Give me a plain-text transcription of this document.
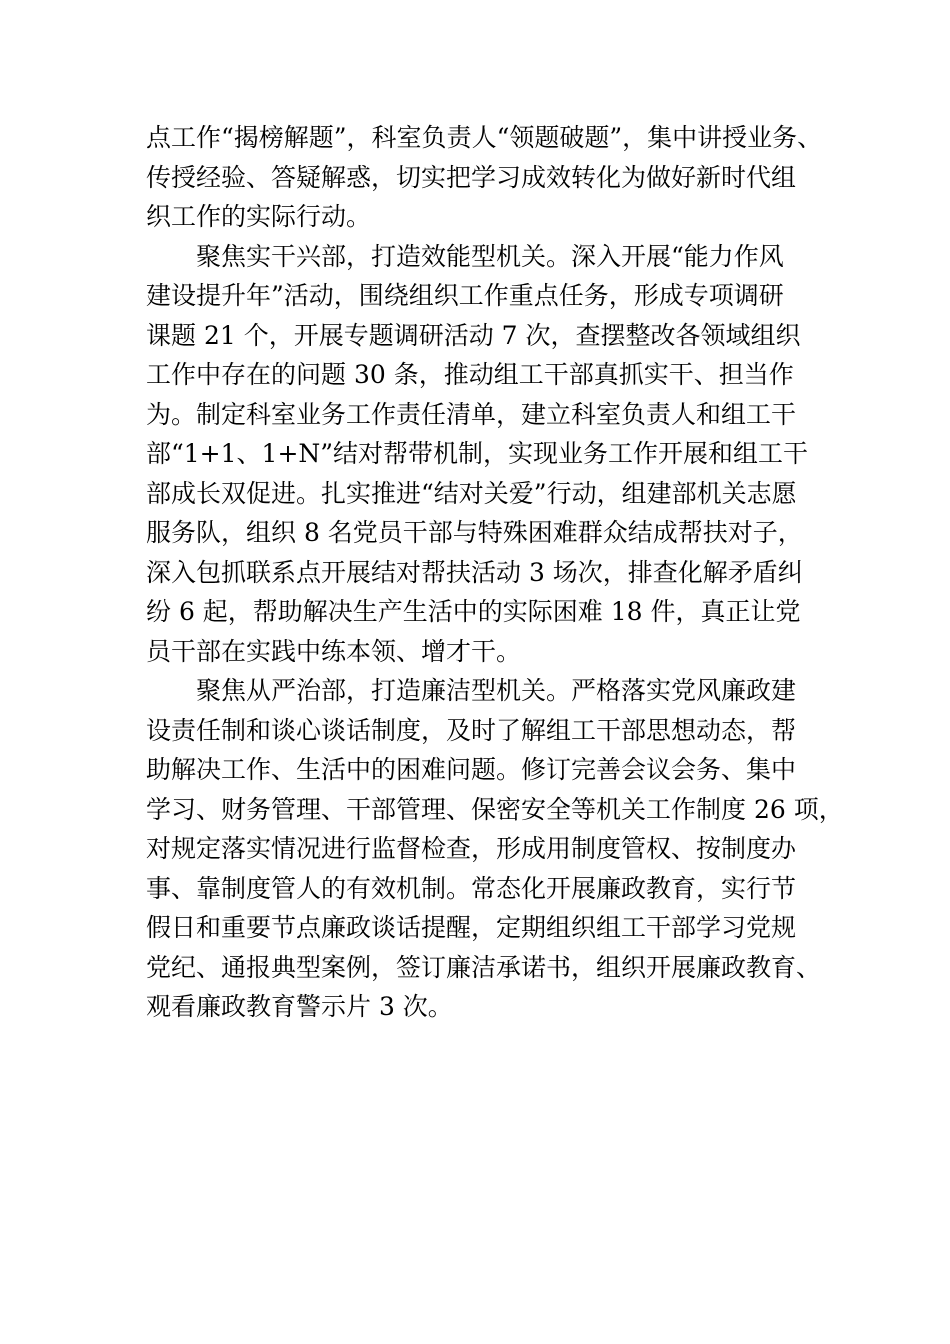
点工作“揭榜解题”，科室负责人“领题破题”，集中讲授业务、
传授经验、答疑解惑，切实把学习成效转化为做好新时代组
织工作的实际行动。

聚焦实干兴部，打造效能型机关。深入开展“能力作风
建设提升年”活动，围绕组织工作重点任务，形成专项调研
课题 21 个，开展专题调研活动 7 次，查摆整改各领域组织
工作中存在的问题 30 条，推动组工干部真抓实干、担当作
为。制定科室业务工作责任清单，建立科室负责人和组工干
部“1+1、1+N”结对帮带机制，实现业务工作开展和组工干
部成长双促进。扎实推进“结对关爱”行动，组建部机关志愿
服务队，组织 8 名党员干部与特殊困难群众结成帮扶对子，
深入包抓联系点开展结对帮扶活动 3 场次，排查化解矛盾纠
纷 6 起，帮助解决生产生活中的实际困难 18 件，真正让党
员干部在实践中练本领、增才干。

聚焦从严治部，打造廉洁型机关。严格落实党风廉政建
设责任制和谈心谈话制度，及时了解组工干部思想动态，帮
助解决工作、生活中的困难问题。修订完善会议会务、集中
学习、财务管理、干部管理、保密安全等机关工作制度 26 项，
对规定落实情况进行监督检查，形成用制度管权、按制度办
事、靠制度管人的有效机制。常态化开展廉政教育，实行节
假日和重要节点廉政谈话提醒，定期组织组工干部学习党规
党纪、通报典型案例，签订廉洁承诺书，组织开展廉政教育、
观看廉政教育警示片 3 次。
